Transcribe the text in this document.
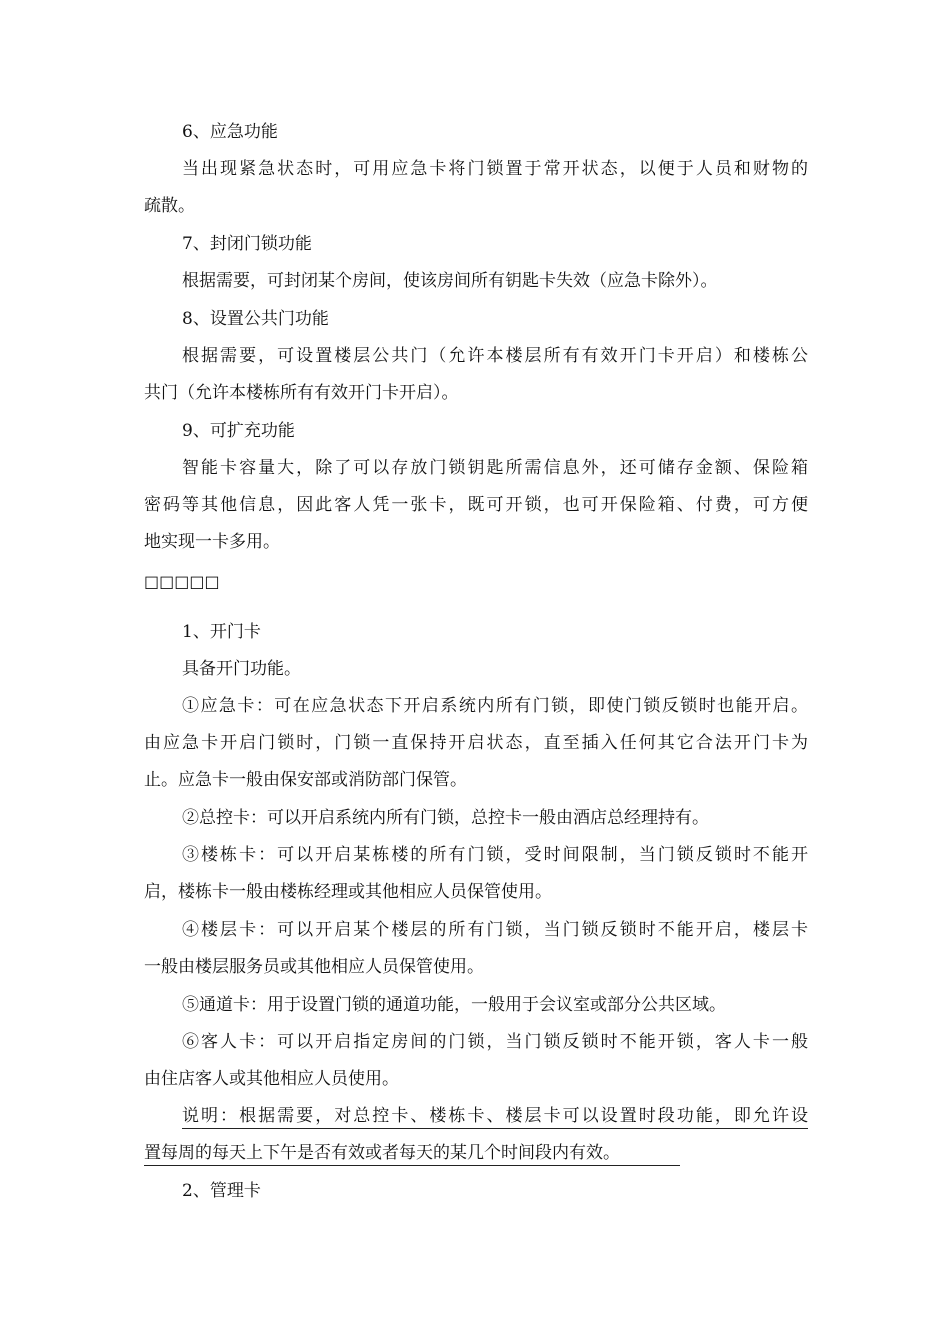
6、应急功能
当出现紧急状态时，可用应急卡将门锁置于常开状态，以便于人员和财物的
疏散。
7、封闭门锁功能
根据需要，可封闭某个房间，使该房间所有钥匙卡失效（应急卡除外）。
8、设置公共门功能
根据需要，可设置楼层公共门（允许本楼层所有有效开门卡开启）和楼栋公
共门（允许本楼栋所有有效开门卡开启）。
9、可扩充功能
智能卡容量大，除了可以存放门锁钥匙所需信息外，还可储存金额、保险箱
密码等其他信息，因此客人凭一张卡，既可开锁，也可开保险箱、付费，可方便
地实现一卡多用。
□□□□□
1、开门卡
具备开门功能。
①应急卡：可在应急状态下开启系统内所有门锁，即使门锁反锁时也能开启。
由应急卡开启门锁时，门锁一直保持开启状态，直至插入任何其它合法开门卡为
止。应急卡一般由保安部或消防部门保管。
②总控卡：可以开启系统内所有门锁，总控卡一般由酒店总经理持有。
③楼栋卡：可以开启某栋楼的所有门锁，受时间限制，当门锁反锁时不能开
启，楼栋卡一般由楼栋经理或其他相应人员保管使用。
④楼层卡：可以开启某个楼层的所有门锁，当门锁反锁时不能开启，楼层卡
一般由楼层服务员或其他相应人员保管使用。
⑤通道卡：用于设置门锁的通道功能，一般用于会议室或部分公共区域。
⑥客人卡：可以开启指定房间的门锁，当门锁反锁时不能开锁，客人卡一般
由住店客人或其他相应人员使用。
说明：根据需要，对总控卡、楼栋卡、楼层卡可以设置时段功能，即允许设
置每周的每天上下午是否有效或者每天的某几个时间段内有效。
2、管理卡
